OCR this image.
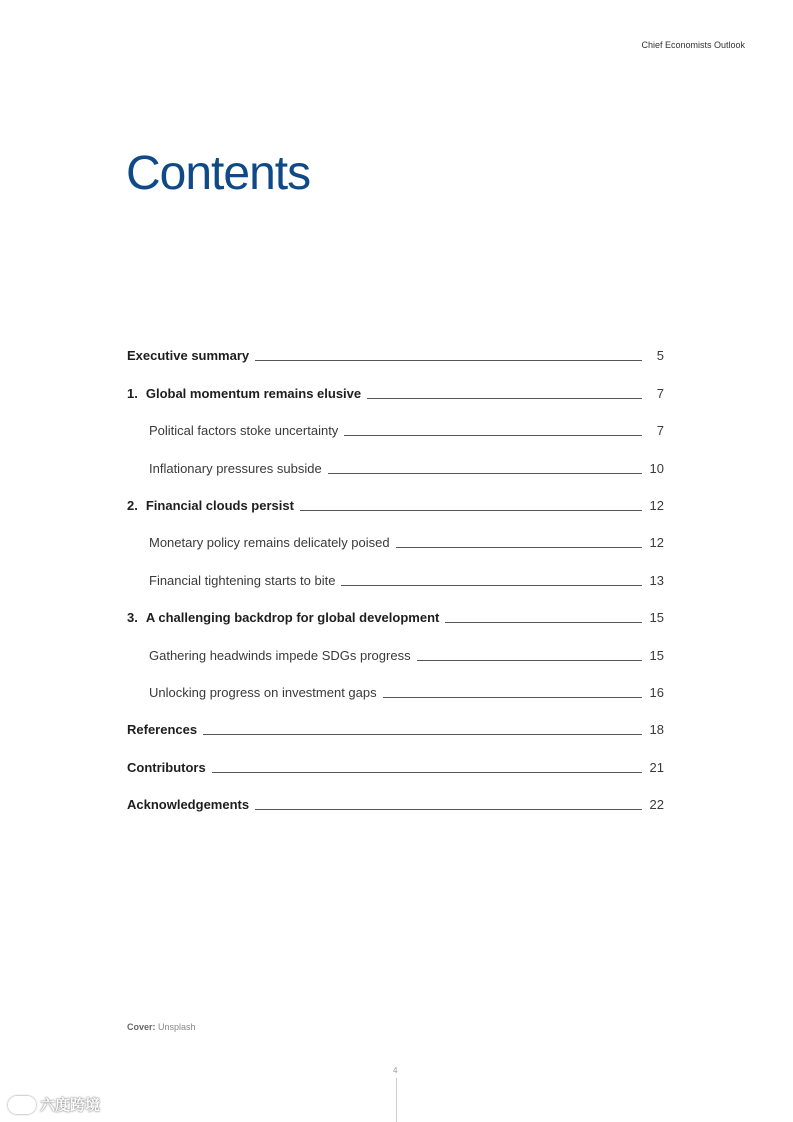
Chief Economists Outlook
Contents
Executive summary	5
1. Global momentum remains elusive	7
Political factors stoke uncertainty	7
Inflationary pressures subside	10
2. Financial clouds persist	12
Monetary policy remains delicately poised	12
Financial tightening starts to bite	13
3. A challenging backdrop for global development	15
Gathering headwinds impede SDGs progress	15
Unlocking progress on investment gaps	16
References	18
Contributors	21
Acknowledgements	22
Cover: Unsplash
4
六度跨境
